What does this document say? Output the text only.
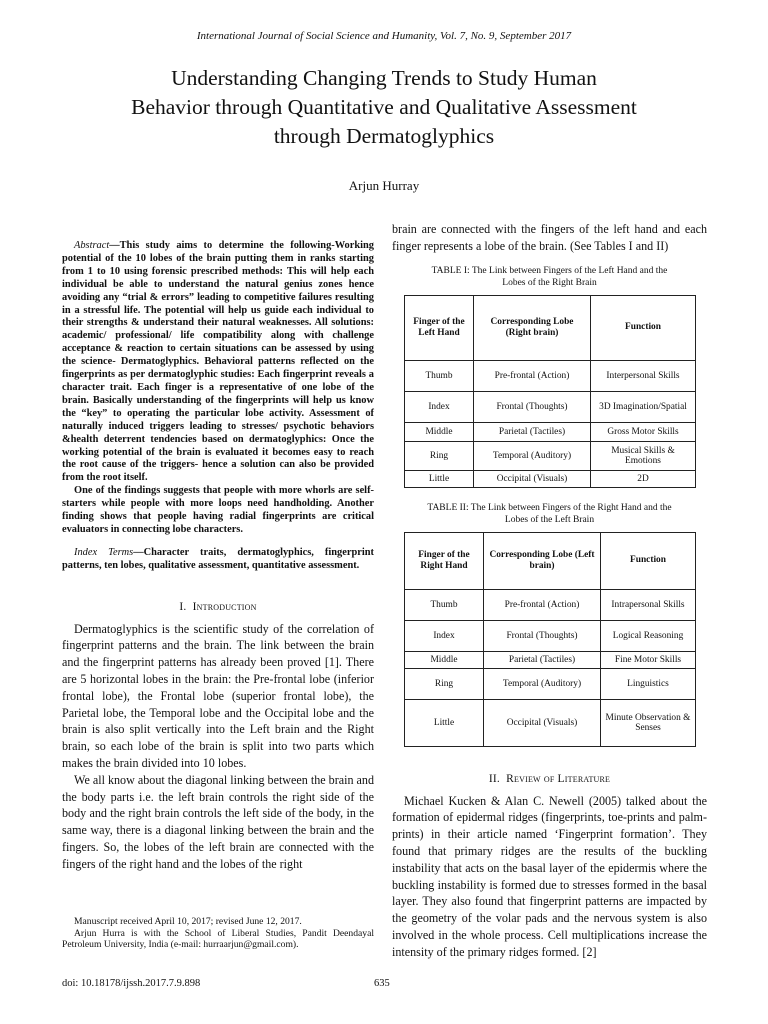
International Journal of Social Science and Humanity, Vol. 7, No. 9, September 2017
Understanding Changing Trends to Study Human
Behavior through Quantitative and Qualitative Assessment
through Dermatoglyphics
Arjun Hurray

Abstract—This study aims to determine the following-Working potential of the 10 lobes of the brain putting them in ranks starting from 1 to 10 using forensic prescribed methods: This will help each individual be able to understand the natural genius zones hence avoiding any “trial & errors” leading to competitive failures resulting in a stressful life. The potential will help us guide each individual to their strengths & understand their natural weaknesses. All solutions: academic/ professional/ life compatibility along with challenge acceptance & reaction to certain situations can be assessed by using the science- Dermatoglyphics. Behavioral patterns reflected on the fingerprints as per dermatoglyphic studies: Each fingerprint reveals a character trait. Each finger is a representative of one lobe of the brain. Basically understanding of the fingerprints will help us know the “key” to operating the particular lobe activity. Assessment of naturally induced triggers leading to stresses/ psychotic behaviors &health deterrent tendencies based on dermatoglyphics: Once the working potential of the brain is evaluated it becomes easy to reach the root cause of the triggers- hence a solution can also be provided from the root itself.

One of the findings suggests that people with more whorls are self-starters while people with more loops need handholding. Another finding shows that people having radial fingerprints are critical evaluators in connecting lobe characters.

Index Terms—Character traits, dermatoglyphics, fingerprint patterns, ten lobes, qualitative assessment, quantitative assessment.

I. Introduction

Dermatoglyphics is the scientific study of the correlation of fingerprint patterns and the brain. The link between the brain and the fingerprint patterns has already been proved [1]. There are 5 horizontal lobes in the brain: the Pre-frontal lobe (inferior frontal lobe), the Frontal lobe (superior frontal lobe), the Parietal lobe, the Temporal lobe and the Occipital lobe and the brain is also split vertically into the Left brain and the Right brain, so each lobe of the brain is split into two parts which makes the brain divided into 10 lobes.

We all know about the diagonal linking between the brain and the body parts i.e. the left brain controls the right side of the body and the right brain controls the left side of the body, in the same way, there is a diagonal linking between the brain and the fingers. So, the lobes of the left brain are connected with the fingers of the right hand and the lobes of the right

brain are connected with the fingers of the left hand and each finger represents a lobe of the brain. (See Tables I and II)

TABLE I: The Link between Fingers of the Left Hand and the
Lobes of the Right Brain
Finger of the Left Hand	Corresponding Lobe (Right brain)	Function
Thumb	Pre-frontal (Action)	Interpersonal Skills
Index	Frontal (Thoughts)	3D Imagination/Spatial
Middle	Parietal (Tactiles)	Gross Motor Skills
Ring	Temporal (Auditory)	Musical Skills & Emotions
Little	Occipital (Visuals)	2D
TABLE II: The Link between Fingers of the Right Hand and the
Lobes of the Left Brain
Finger of the Right Hand	Corresponding Lobe (Left brain)	Function
Thumb	Pre-frontal (Action)	Intrapersonal Skills
Index	Frontal (Thoughts)	Logical Reasoning
Middle	Parietal (Tactiles)	Fine Motor Skills
Ring	Temporal (Auditory)	Linguistics
Little	Occipital (Visuals)	Minute Observation & Senses
II. Review of Literature

Michael Kucken & Alan C. Newell (2005) talked about the formation of epidermal ridges (fingerprints, toe-prints and palm-prints) in their article named ‘Fingerprint formation’. They found that primary ridges are the results of the buckling instability that acts on the basal layer of the epidermis where the buckling instability is formed due to stresses formed in the basal layer. They also found that fingerprint patterns are impacted by the geometry of the volar pads and the nervous system is also involved in the whole process. Cell multiplications increase the intensity of the primary ridges formed. [2]

Manuscript received April 10, 2017; revised June 12, 2017.

Arjun Hurra is with the School of Liberal Studies, Pandit Deendayal Petroleum University, India (e-mail: hurraarjun@gmail.com).

doi: 10.18178/ijssh.2017.7.9.898	635
